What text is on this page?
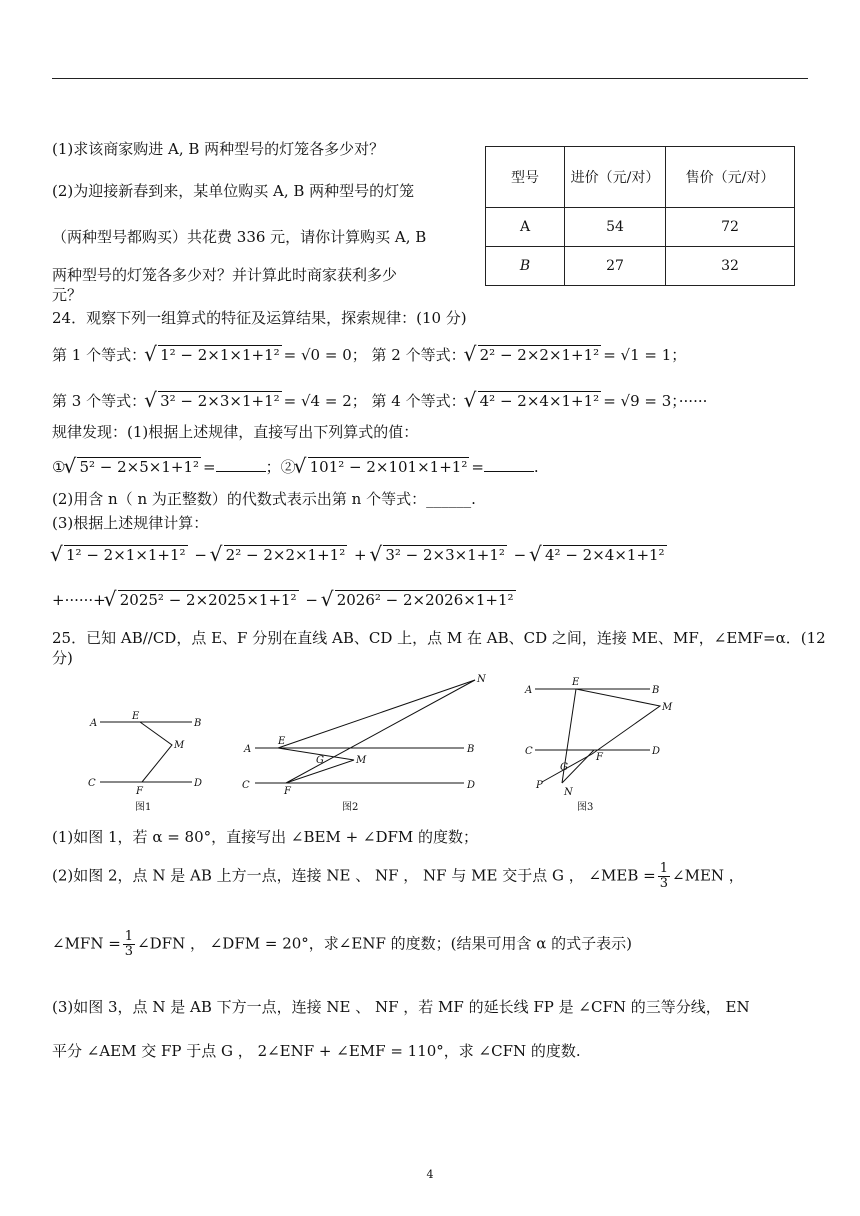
(1)求该商家购进 A, B 两种型号的灯笼各多少对？
(2)为迎接新春到来，某单位购买 A, B 两种型号的灯笼
（两种型号都购买）共花费 336 元，请你计算购买 A, B
两种型号的灯笼各多少对？并计算此时商家获利多少
元？
型号	进价（元/对）	售价（元/对）
A	54	72
B	27	32
24．观察下列一组算式的特征及运算结果，探索规律：(10 分)
第 1 个等式： √ 1² − 2×1×1+1² = √0 = 0； 第 2 个等式： √ 2² − 2×2×1+1² = √1 = 1；
第 3 个等式： √ 3² − 2×3×1+1² = √4 = 2； 第 4 个等式： √ 4² − 2×4×1+1² = √9 = 3；······
规律发现：(1)根据上述规律，直接写出下列算式的值：
① √ 5² − 2×5×1+1² =	；② √ 101² − 2×101×1+1² =	.
(2)用含 n（ n 为正整数）的代数式表示出第 n 个等式：______.
(3)根据上述规律计算：
√ 1² − 2×1×1+1² − √ 2² − 2×2×1+1² + √ 3² − 2×3×1+1² − √ 4² − 2×4×1+1²
+······+ √ 2025² − 2×2025×1+1² − √ 2026² − 2×2026×1+1²
25．已知 AB//CD，点 E、F 分别在直线 AB、CD 上，点 M 在 AB、CD 之间，连接 ME、MF，∠EMF=α．(12
分)
A	B
E
M
C	D
F
图1
A	B
E
N
G	M
C	D
F
图2
A	B
E
M
C	D
F
G
P
N
图3
(1)如图 1，若 α = 80°，直接写出 ∠BEM + ∠DFM 的度数；
(2)如图 2，点 N 是 AB 上方一点，连接 NE 、 NF ， NF 与 ME 交于点 G ， ∠MEB = $\frac{1}{3}$ ∠MEN ，
∠MFN = $\frac{1}{3}$ ∠DFN ， ∠DFM = 20°，求∠ENF 的度数；(结果可用含 α 的式子表示)
(3)如图 3，点 N 是 AB 下方一点，连接 NE 、 NF ，若 MF 的延长线 FP 是 ∠CFN 的三等分线， EN
平分 ∠AEM 交 FP 于点 G ， 2∠ENF + ∠EMF = 110°，求 ∠CFN 的度数.
4
